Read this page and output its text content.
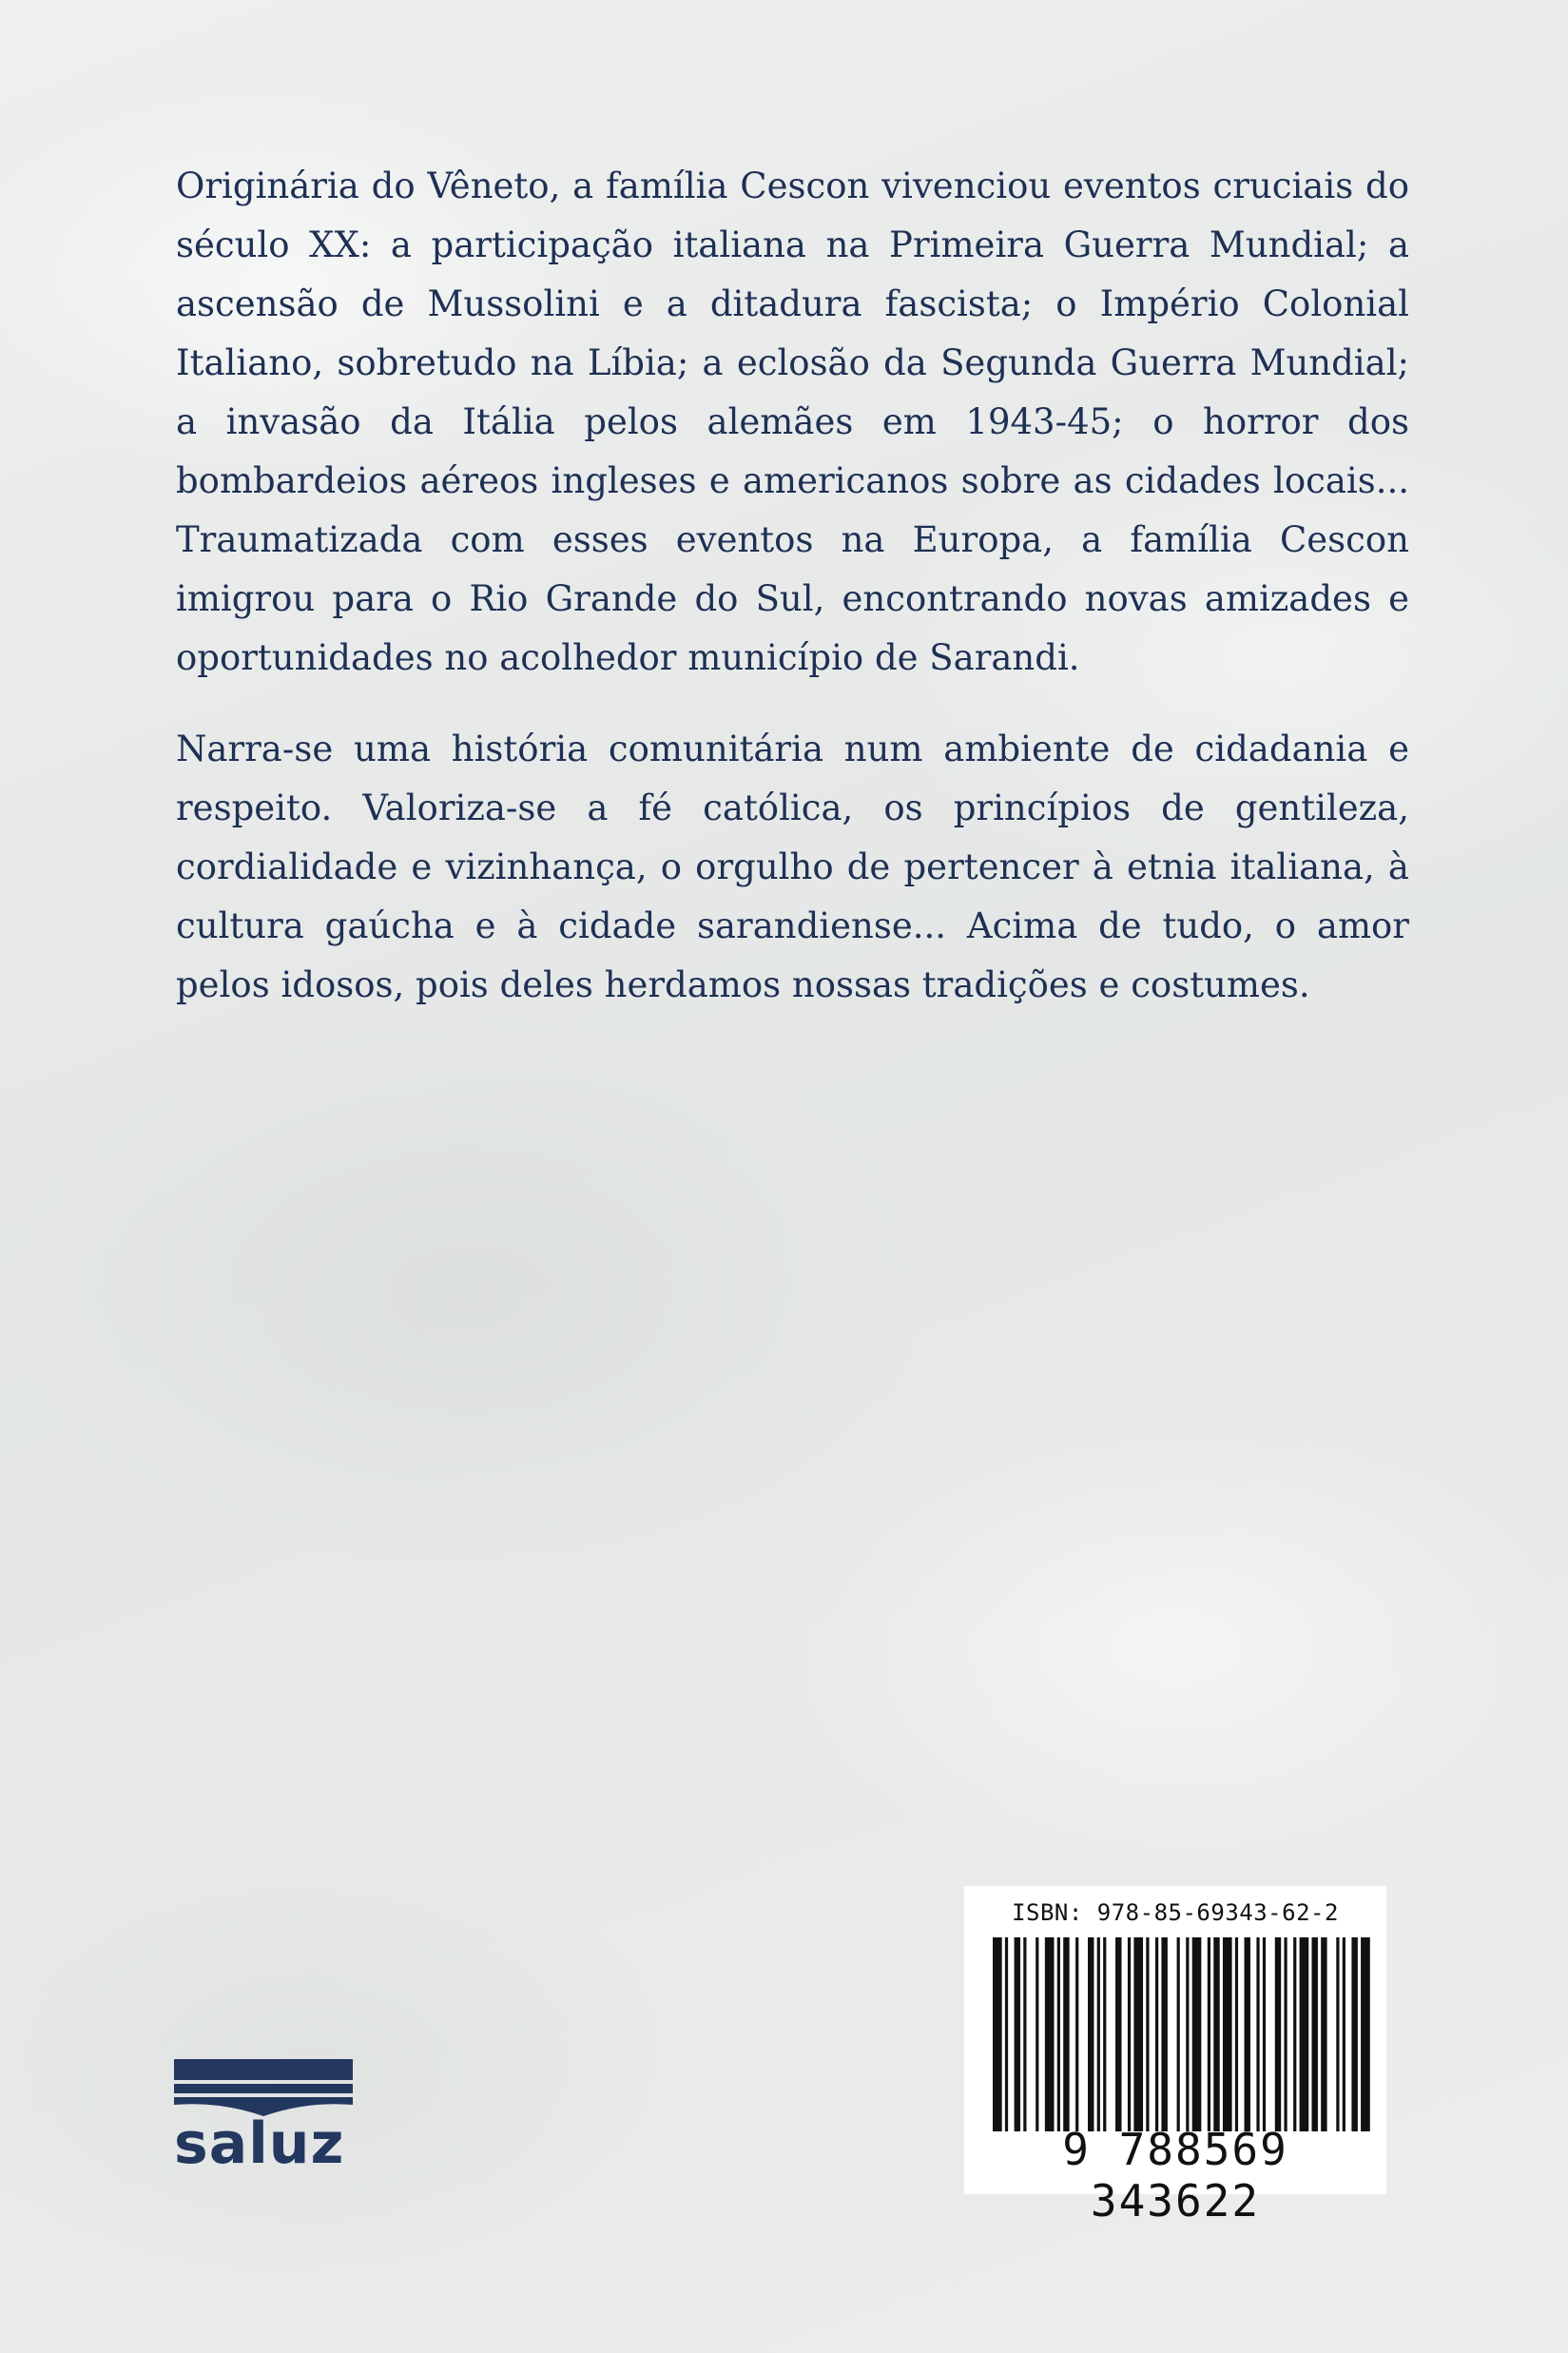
Originária do Vêneto, a família Cescon vivenciou eventos cruciais do século XX: a participação italiana na Primeira Guerra Mundial; a ascensão de Mussolini e a ditadura fascista; o Império Colonial Italiano, sobretudo na Líbia; a eclosão da Segunda Guerra Mundial; a invasão da Itália pelos alemães em 1943-45; o horror dos bombardeios aéreos ingleses e americanos sobre as cidades locais... Traumatizada com esses eventos na Europa, a família Cescon imigrou para o Rio Grande do Sul, encontrando novas amizades e oportunidades no acolhedor município de Sarandi.

Narra-se uma história comunitária num ambiente de cidadania e respeito. Valoriza-se a fé católica, os princípios de gentileza, cordialidade e vizinhança, o orgulho de pertencer à etnia italiana, à cultura gaúcha e à cidade sarandiense... Acima de tudo, o amor pelos idosos, pois deles herdamos nossas tradições e costumes.

saluz
ISBN: 978-85-69343-62-2
9 788569 343622
